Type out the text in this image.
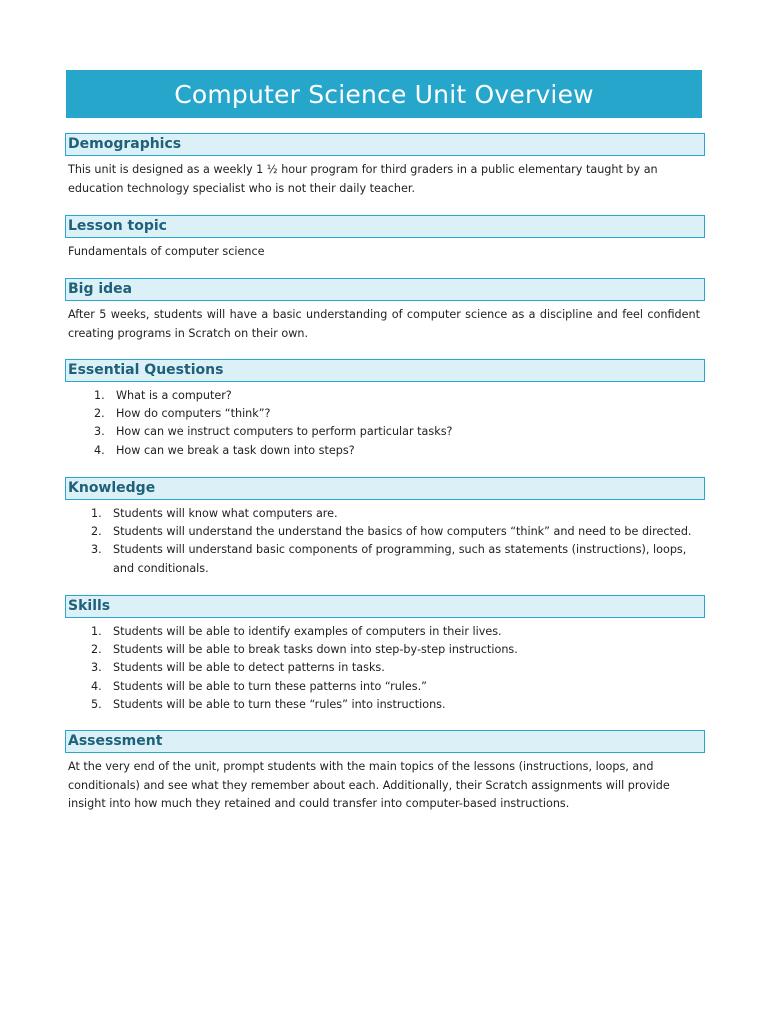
Computer Science Unit Overview
Demographics
This unit is designed as a weekly 1 ½ hour program for third graders in a public elementary taught by an
education technology specialist who is not their daily teacher.
Lesson topic
Fundamentals of computer science
Big idea
After 5 weeks, students will have a basic understanding of computer science as a discipline and feel confident
creating programs in Scratch on their own.
Essential Questions
1.	What is a computer?
2.	How do computers “think”?
3.	How can we instruct computers to perform particular tasks?
4.	How can we break a task down into steps?
Knowledge
1.	Students will know what computers are.
2.	Students will understand the understand the basics of how computers “think” and need to be directed.
3.	Students will understand basic components of programming, such as statements (instructions), loops,
and conditionals.
Skills
1.	Students will be able to identify examples of computers in their lives.
2.	Students will be able to break tasks down into step-by-step instructions.
3.	Students will be able to detect patterns in tasks.
4.	Students will be able to turn these patterns into “rules.”
5.	Students will be able to turn these “rules” into instructions.
Assessment
At the very end of the unit, prompt students with the main topics of the lessons (instructions, loops, and
conditionals) and see what they remember about each. Additionally, their Scratch assignments will provide
insight into how much they retained and could transfer into computer-based instructions.
